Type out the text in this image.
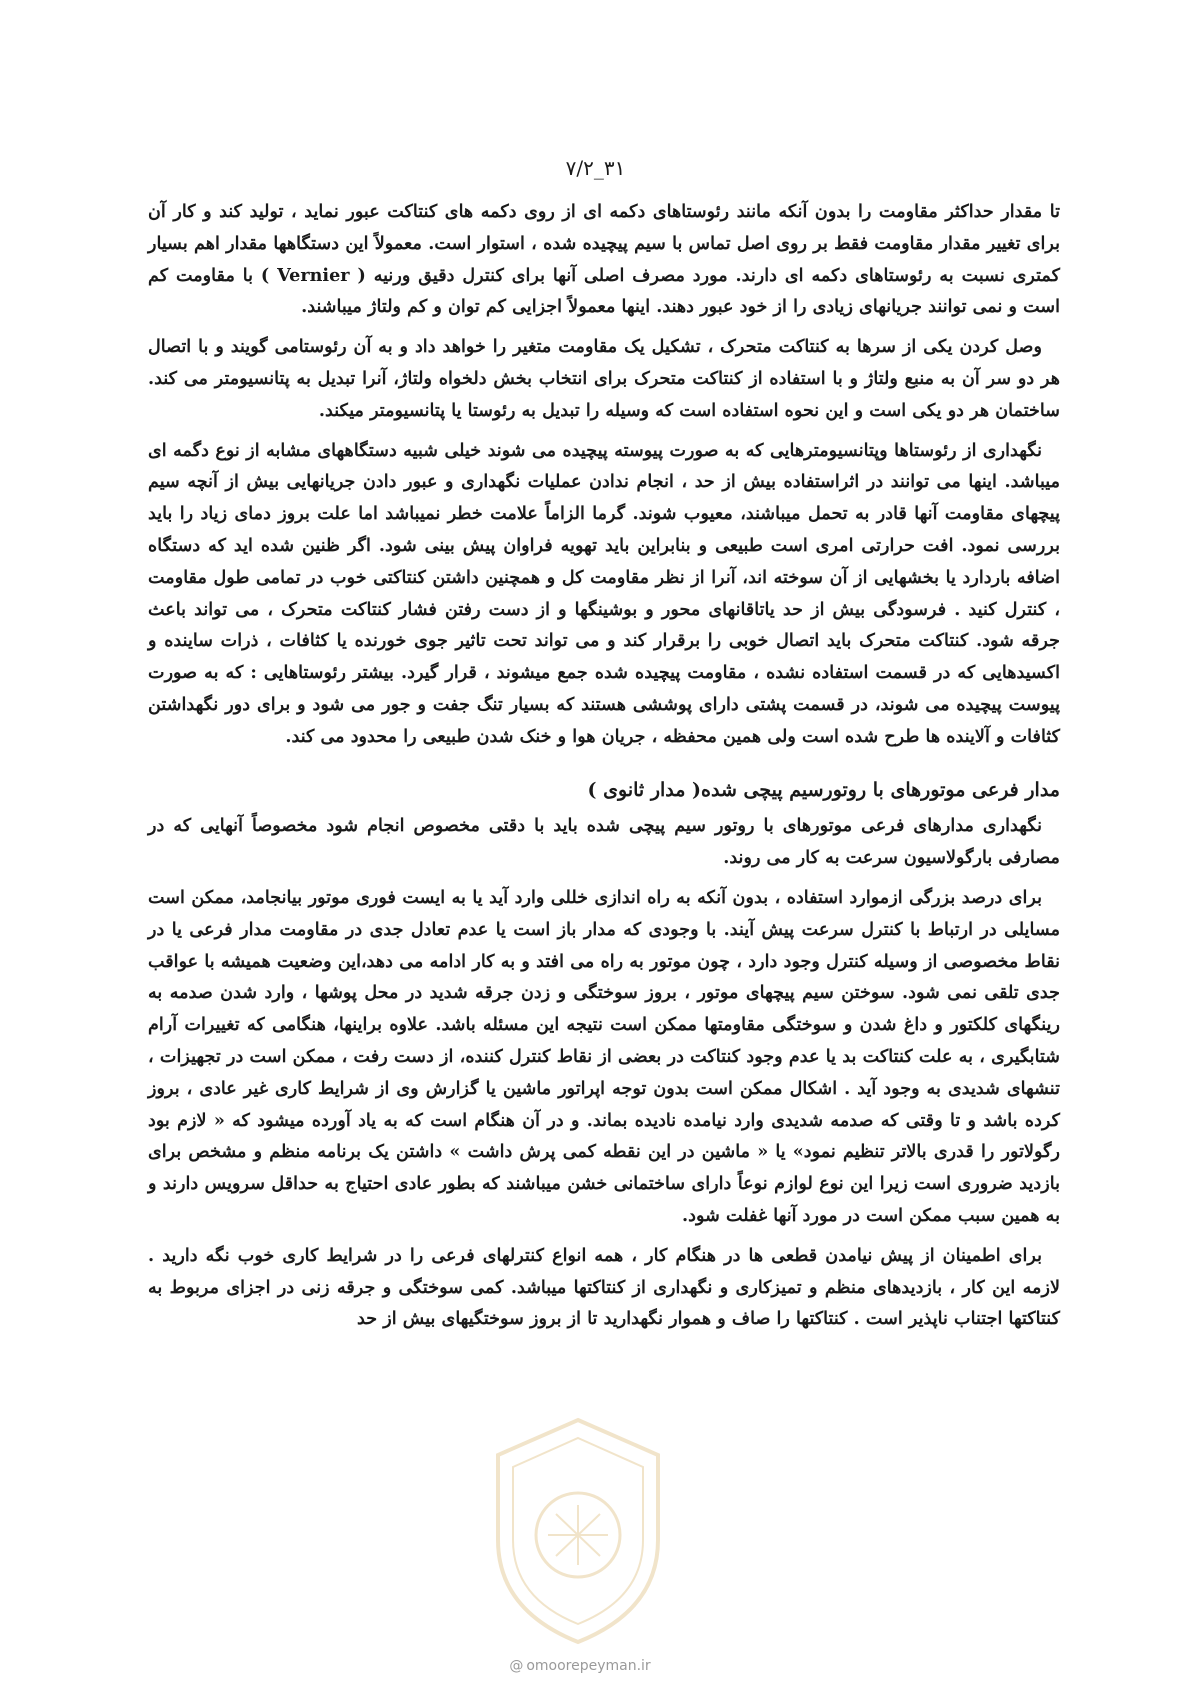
۷/۲_۳۱

تا مقدار حداکثر مقاومت را بدون آنکه مانند رئوستاهای دکمه ای از روی دکمه های کنتاکت عبور نماید ، تولید کند و کار آن برای تغییر مقدار مقاومت فقط بر روی اصل تماس با سیم پیچیده شده ، استوار است. معمولاً این دستگاهها مقدار اهم بسیار کمتری نسبت به رئوستاهای دکمه ای دارند. مورد مصرف اصلی آنها برای کنترل دقیق ورنیه ( Vernier ) با مقاومت کم است و نمی توانند جریانهای زیادی را از خود عبور دهند. اینها معمولاً اجزایی کم توان و کم ولتاژ میباشند.

وصل کردن یکی از سرها به کنتاکت متحرک ، تشکیل یک مقاومت متغیر را خواهد داد و به آن رئوستامی گویند و با اتصال هر دو سر آن به منبع ولتاژ و با استفاده از کنتاکت متحرک برای انتخاب بخش دلخواه ولتاژ، آنرا تبدیل به پتانسیومتر می کند. ساختمان هر دو یکی است و این نحوه استفاده است که وسیله را تبدیل به رئوستا یا پتانسیومتر میکند.

نگهداری از رئوستاها وپتانسیومترهایی که به صورت پیوسته پیچیده می شوند خیلی شبیه دستگاههای مشابه از نوع دگمه ای میباشد. اینها می توانند در اثراستفاده بیش از حد ، انجام ندادن عملیات نگهداری و عبور دادن جریانهایی بیش از آنچه سیم پیچهای مقاومت آنها قادر به تحمل میباشند، معیوب شوند. گرما الزاماً علامت خطر نمیباشد اما علت بروز دمای زیاد را باید بررسی نمود. افت حرارتی امری است طبیعی و بنابراین باید تهویه فراوان پیش بینی شود. اگر ظنین شده اید که دستگاه اضافه باردارد یا بخشهایی از آن سوخته اند، آنرا از نظر مقاومت کل و همچنین داشتن کنتاکتی خوب در تمامی طول مقاومت ، کنترل کنید . فرسودگی بیش از حد یاتاقانهای محور و بوشینگها و از دست رفتن فشار کنتاکت متحرک ، می تواند باعث جرقه شود. کنتاکت متحرک باید اتصال خوبی را برقرار کند و می تواند تحت تاثیر جوی خورنده یا کثافات ، ذرات ساینده و اکسیدهایی که در قسمت استفاده نشده ، مقاومت پیچیده شده جمع میشوند ، قرار گیرد. بیشتر رئوستاهایی : که به صورت پیوست پیچیده می شوند، در قسمت پشتی دارای پوششی هستند که بسیار تنگ جفت و جور می شود و برای دور نگهداشتن کثافات و آلاینده ها طرح شده است ولی همین محفظه ، جریان هوا و خنک شدن طبیعی را محدود می کند.

مدار فرعی موتورهای با روتورسیم پیچی شده( مدار ثانوی )

نگهداری مدارهای فرعی موتورهای با روتور سیم پیچی شده باید با دقتی مخصوص انجام شود مخصوصاً آنهایی که در مصارفی بارگولاسیون سرعت به کار می روند.

برای درصد بزرگی ازموارد استفاده ، بدون آنکه به راه اندازی خللی وارد آید یا به ایست فوری موتور بیانجامد، ممکن است مسایلی در ارتباط با کنترل سرعت پیش آیند. با وجودی که مدار باز است یا عدم تعادل جدی در مقاومت مدار فرعی یا در نقاط مخصوصی از وسیله کنترل وجود دارد ، چون موتور به راه می افتد و به کار ادامه می دهد،این وضعیت همیشه با عواقب جدی تلقی نمی شود. سوختن سیم پیچهای موتور ، بروز سوختگی و زدن جرقه شدید در محل پوشها ، وارد شدن صدمه به رینگهای کلکتور و داغ شدن و سوختگی مقاومتها ممکن است نتیجه این مسئله باشد. علاوه براینها، هنگامی که تغییرات آرام شتابگیری ، به علت کنتاکت بد یا عدم وجود کنتاکت در بعضی از نقاط کنترل کننده، از دست رفت ، ممکن است در تجهیزات ، تنشهای شدیدی به وجود آید . اشکال ممکن است بدون توجه اپراتور ماشین یا گزارش وی از شرایط کاری غیر عادی ، بروز کرده باشد و تا وقتی که صدمه شدیدی وارد نیامده نادیده بماند. و در آن هنگام است که به یاد آورده میشود که « لازم بود رگولاتور را قدری بالاتر تنظیم نمود» یا « ماشین در این نقطه کمی پرش داشت » داشتن یک برنامه منظم و مشخص برای بازدید ضروری است زیرا این نوع لوازم نوعاً دارای ساختمانی خشن میباشند که بطور عادی احتیاج به حداقل سرویس دارند و به همین سبب ممکن است در مورد آنها غفلت شود.

برای اطمینان از پیش نیامدن قطعی ها در هنگام کار ، همه انواع کنترلهای فرعی را در شرایط کاری خوب نگه دارید . لازمه این کار ، بازدیدهای منظم و تمیزکاری و نگهداری از کنتاکتها میباشد. کمی سوختگی و جرقه زنی در اجزای مربوط به کنتاکتها اجتناب ناپذیر است . کنتاکتها را صاف و هموار نگهدارید تا از بروز سوختگیهای بیش از حد

@ omoorepeyman.ir
